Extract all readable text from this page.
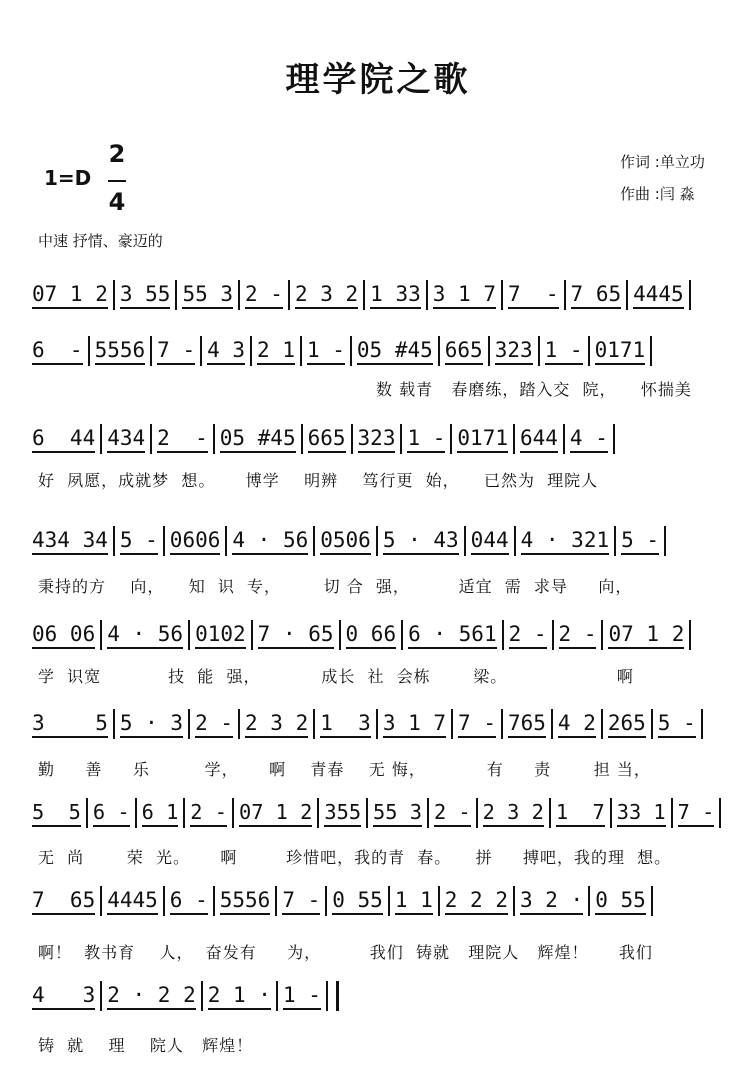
理学院之歌
1=D
2
4
作词 :单立功
作曲 :闫 淼
中速 抒情、豪迈的
07 1 2 3 55 55 3 2 - 2 3 2 1 33 3 1 7 7  - 7 65 4445
6  - 5556 7 - 4 3 2 1 1 - 05 #45 665 323 1 - 0171
数 载青   春磨练，踏入交  院，    怀揣美
6  44 434 2  - 05 #45 665 323 1 - 0171 644 4 -
好  夙愿，成就梦  想。     博学    明辨    笃行更  始，    已然为  理院人
434 34 5 - 0606 4 · 56 0506 5 · 43 044 4 · 321 5 -
秉持的方    向，    知  识  专，       切 合  强，        适宜  需  求导     向，
06 06 4 · 56 0102 7 · 65 0 66 6 · 561 2 - 2 - 07 1 2
学  识宽           技  能  强，          成长  社  会栋       梁。                  啊
3    5 5 · 3 2 - 2 3 2 1  3 3 1 7 7 - 765 4 2 265 5 -
勤     善     乐         学，     啊    青春    无 悔，          有     责       担 当，
5  5 6 - 6 1 2 - 07 1 2 355 55 3 2 - 2 3 2 1  7 33 1 7 -
无  尚       荣  光。     啊        珍惜吧，我的青  春。    拼     搏吧，我的理  想。
7  65 4445 6 - 5556 7 - 0 55 1 1 2 2 2 3 2 · 0 55
啊！  教书育    人，  奋发有     为，        我们  铸就   理院人   辉煌！     我们
4   3 2 · 2 2 2 1 · 1 -
铸  就    理    院人   辉煌！
